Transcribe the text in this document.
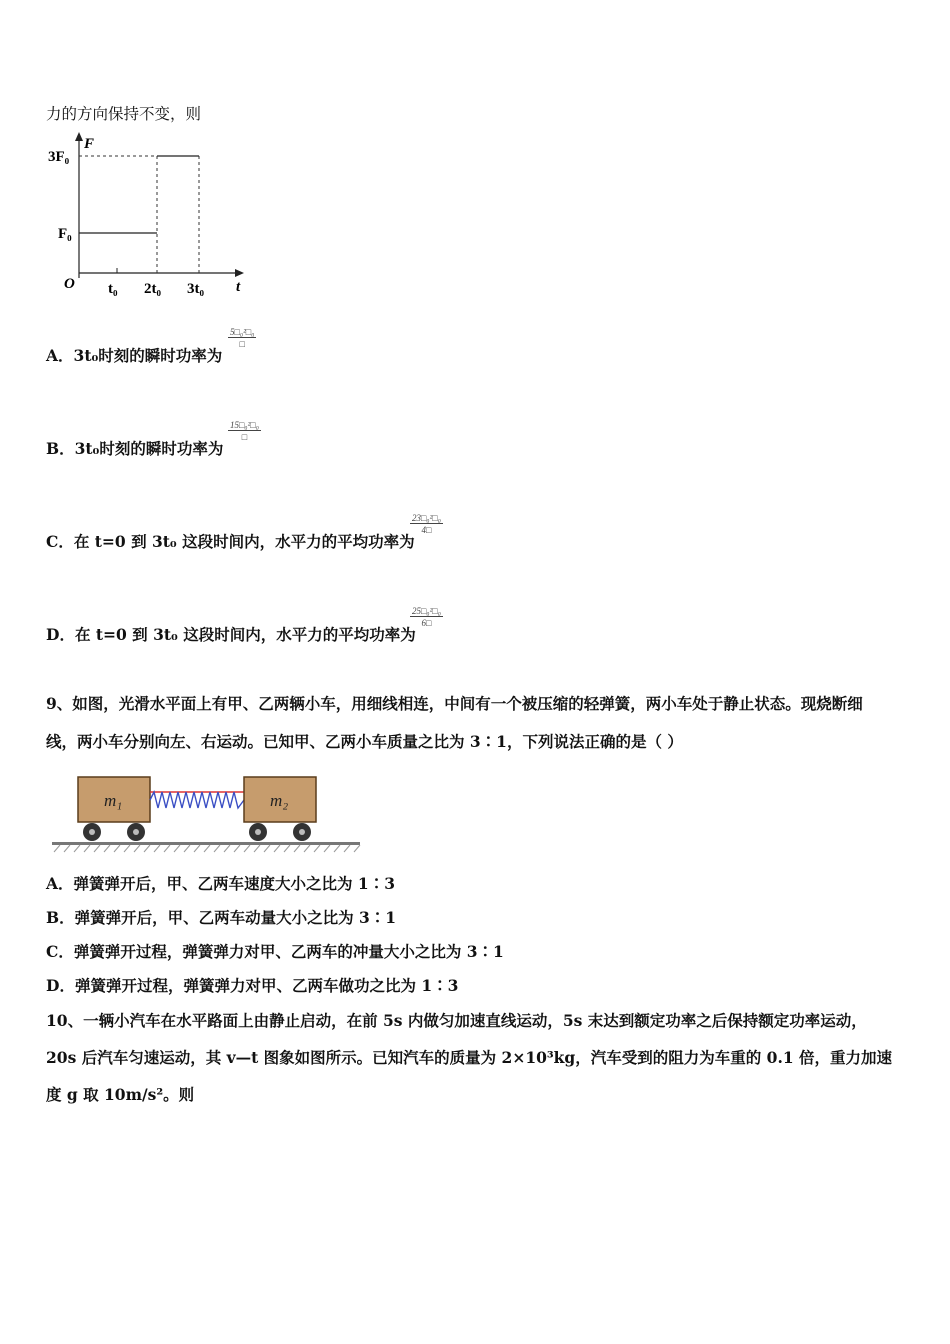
力的方向保持不变，则
F
t
O
3F₀
F₀
t₀ 2t₀ 3t₀
A．3t₀时刻的瞬时功率为
5□₀²□₀
□
B．3t₀时刻的瞬时功率为
15□₀²□₀
□
C．在 t=0 到 3t₀ 这段时间内，水平力的平均功率为
$\frac{\text{23□₀²□₀}}{4□}$
D．在 t=0 到 3t₀ 这段时间内，水平力的平均功率为
$\frac{\text{25□₀²□₀}}{6□}$
9、如图，光滑水平面上有甲、乙两辆小车，用细线相连，中间有一个被压缩的轻弹簧，两小车处于静止状态。现烧断细
线，两小车分别向左、右运动。已知甲、乙两小车质量之比为 3∶1，下列说法正确的是（ ）
m₁	m₂
A．弹簧弹开后，甲、乙两车速度大小之比为 1∶3
B．弹簧弹开后，甲、乙两车动量大小之比为 3∶1
C．弹簧弹开过程，弹簧弹力对甲、乙两车的冲量大小之比为 3∶1
D．弹簧弹开过程，弹簧弹力对甲、乙两车做功之比为 1∶3
10、一辆小汽车在水平路面上由静止启动，在前 5s 内做匀加速直线运动，5s 末达到额定功率之后保持额定功率运动，
20s 后汽车匀速运动，其 v—t 图象如图所示。已知汽车的质量为 2×10³kg，汽车受到的阻力为车重的 0.1 倍，重力加速
度 g 取 10m/s²。则
